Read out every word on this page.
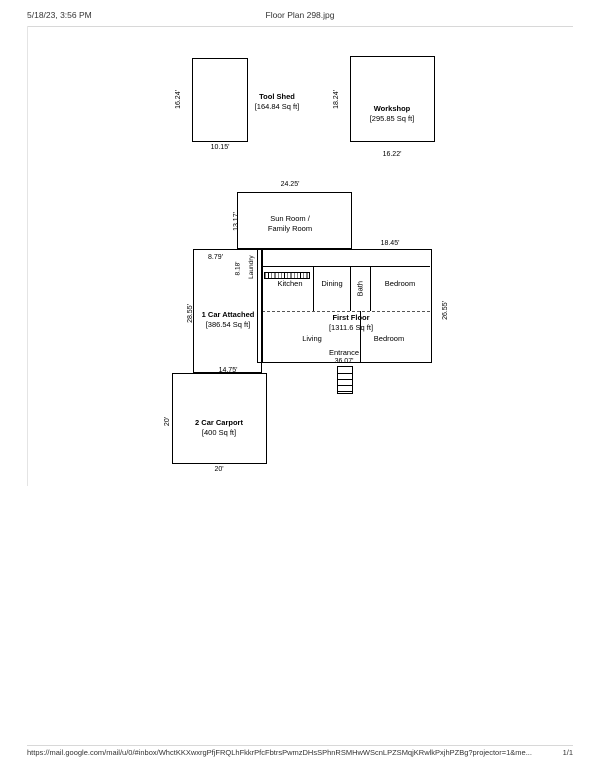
5/18/23, 3:56 PM	Floor Plan 298.jpg
Tool Shed
[164.84 Sq ft]
10.15'
16.24'	Workshop
[295.85 Sq ft]
16.22'
18.24'
Sun Room /
Family Room
24.25'
13.17'
First Floor
[1311.6 Sq ft]
18.45'
26.55'
36.07'
Entrance
Kitchen	Dining Bath	Bedroom
Living	Bedroom
Laundry
1 Car Attached
[386.54 Sq ft]
14.75'
28.55'
8.79'
8.18'
2 Car Carport
[400 Sq ft]
20'
20'
https://mail.google.com/mail/u/0/#inbox/WhctKKXwxrgPfjFRQLhFkkrPfcFbtrsPwmzDHsSPhnRSMHwWScnLPZSMqjKRwlkPxjhPZBg?projector=1&me...	1/1
